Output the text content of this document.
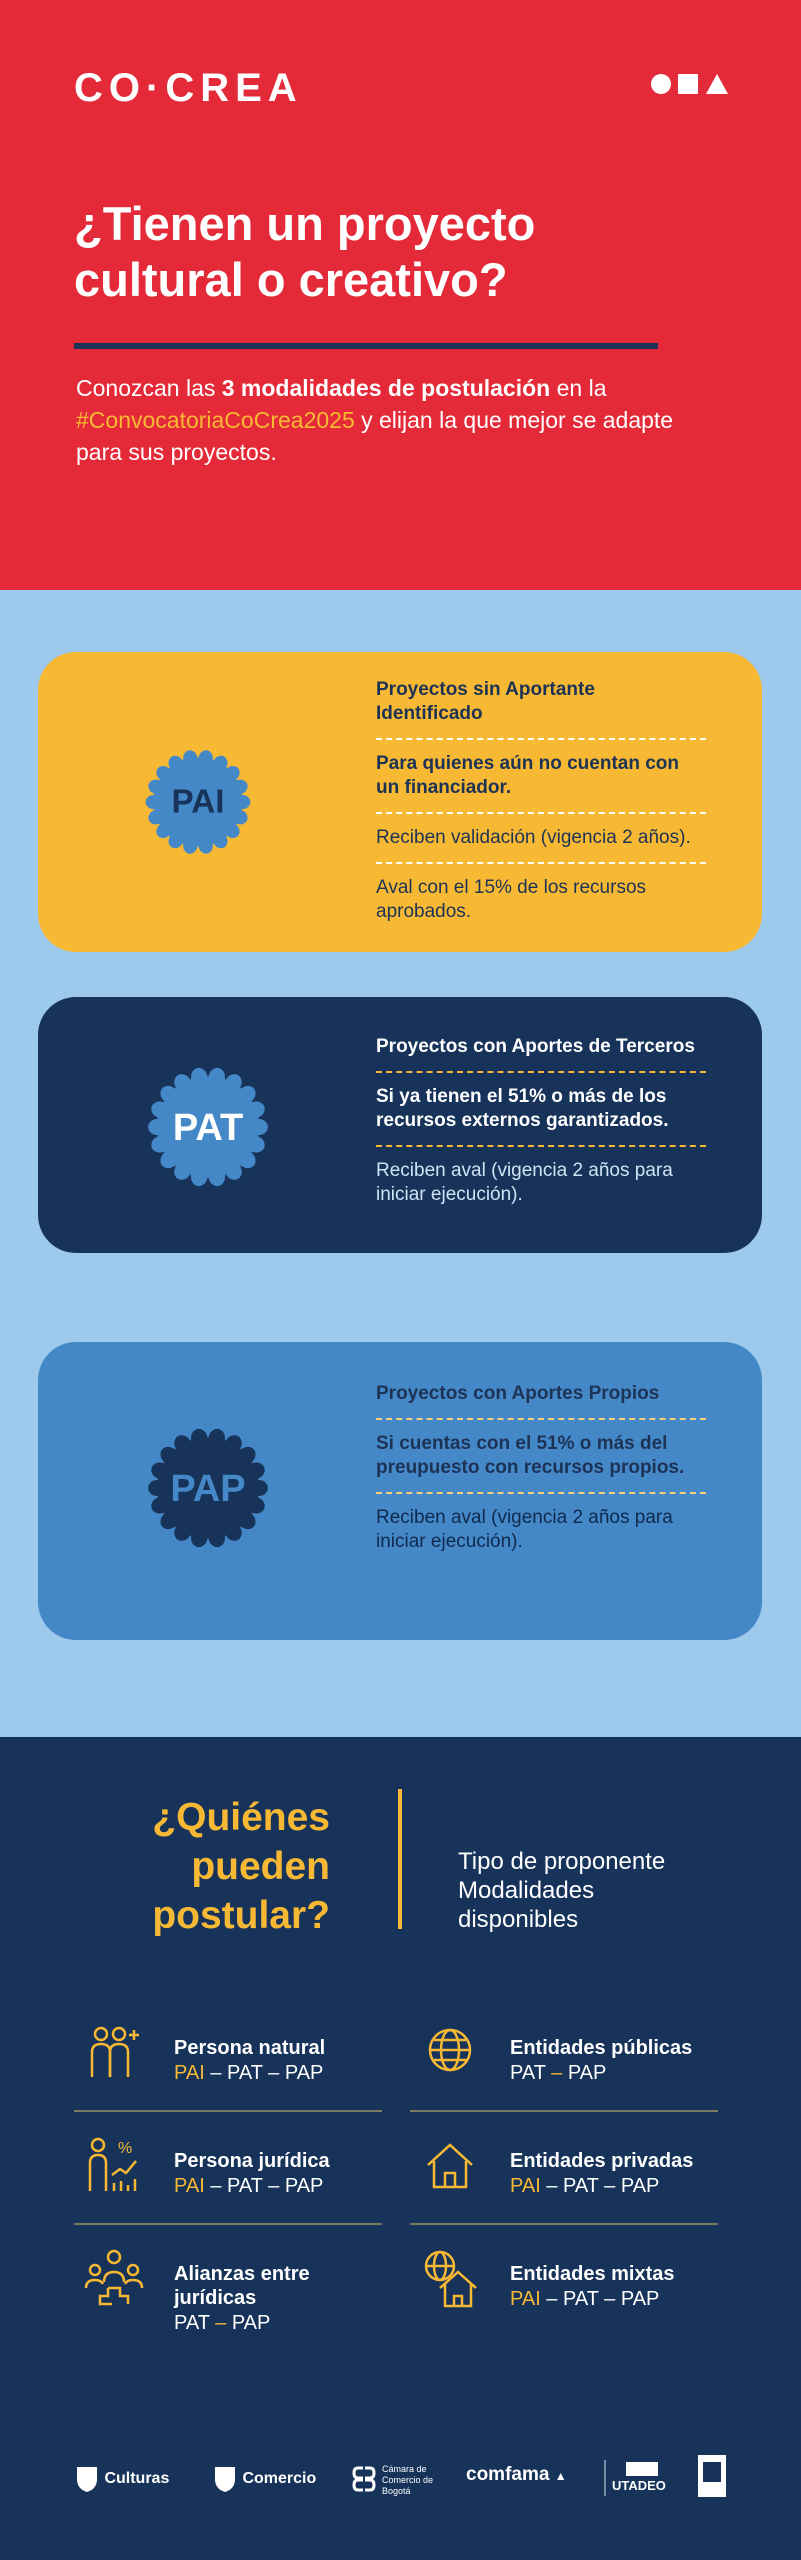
CO·CREA
¿Tienen un proyecto cultural o creativo?

Conozcan las 3 modalidades de postulación en la #ConvocatoriaCoCrea2025 y elijan la que mejor se adapte para sus proyectos.

PAI
Proyectos sin Aportante Identificado
Para quienes aún no cuentan con un financiador.
Reciben validación (vigencia 2 años).
Aval con el 15% de los recursos aprobados.
PAT
Proyectos con Aportes de Terceros
Si ya tienen el 51% o más de los recursos externos garantizados.
Reciben aval (vigencia 2 años para iniciar ejecución).
PAP
Proyectos con Aportes Propios
Si cuentas con el 51% o más del preupuesto con recursos propios.
Reciben aval (vigencia 2 años para iniciar ejecución).
¿Quiénes pueden postular?
Tipo de proponente Modalidades disponibles
Persona natural
PAI – PAT – PAP
Entidades públicas
PAT – PAP
%
Persona jurídica
PAI – PAT – PAP
Entidades privadas
PAI – PAT – PAP
Alianzas entre jurídicas
PAT – PAP
Entidades mixtas
PAI – PAT – PAP
Culturas	Comercio
Cámara de Comercio de Bogotá
comfama ▲
UTADEO
